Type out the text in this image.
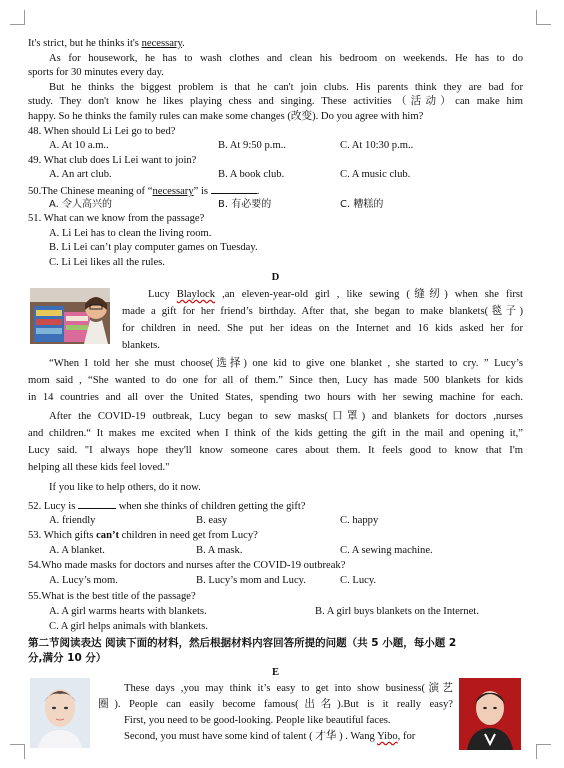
It's strict, but he thinks it's necessary.
As for housework, he has to wash clothes and clean his bedroom on weekends. He has to do
sports for 30 minutes every day.
But he thinks the biggest problem is that he can't join clubs. His parents think they are bad for
study. They don't know he likes playing chess and singing. These activities（活动）can make him
happy. So he thinks the family rules can make some changes (改变). Do you agree with him?
48. When should Li Lei go to bed?
A. At 10 a.m..	B. At 9:50 p.m..	C. At 10:30 p.m..
49. What club does Li Lei want to join?
A. An art club.	B. A book club.	C. A music club.
50.The Chinese meaning of “necessary” is	.
A. 令人高兴的	B. 有必要的	C. 糟糕的
51. What can we know from the passage?
A. Li Lei has to clean the living room.
B. Li Lei can’t play computer games on Tuesday.
C. Li Lei likes all the rules.
D
Lucy Blaylock ,an eleven-year-old girl , like sewing (缝纫) when she first
made a gift for her friend’s birthday. After that, she began to make blankets(毯子)
for children in need. She put her ideas on the Internet and 16 kids asked her for
blankets.
“When I told her she must choose(选择) one kid to give one blanket , she started to cry. ” Lucy’s
mom said , “She wanted to do one for all of them.” Since then, Lucy has made 500 blankets for kids
in 14 countries and all over the United States, spending two hours with her sewing machine for each.
After the COVID-19 outbreak, Lucy began to sew masks(口罩) and blankets for doctors ,nurses
and children.“ It makes me excited when I think of the kids getting the gift in the mail and opening it,”
Lucy said. "I always hope they'll know someone cares about them. It feels good to know that I'm
helping all these kids feel loved."
If you like to help others, do it now.
52. Lucy is	when she thinks of children getting the gift?
A. friendly	B. easy	C. happy
53. Which gifts can’t children in need get from Lucy?
A. A blanket.	B. A mask.	C. A sewing machine.
54.Who made masks for doctors and nurses after the COVID-19 outbreak?
A. Lucy’s mom.	B. Lucy’s mom and Lucy.	C. Lucy.
55.What is the best title of the passage?
A. A girl warms hearts with blankets.	B. A girl buys blankets on the Internet.
C. A girl helps animals with blankets.
第二节阅读表达 阅读下面的材料，然后根据材料内容回答所提的问题（共 5 小题，每小题 2
分,满分 10 分）
E
These days ,you may think it’s easy to get into show business(演艺
圈). People can easily become famous(出名).But is it really easy?
First, you need to be good-looking. People like beautiful faces.
Second, you must have some kind of talent ( 才华 ) . Wang Yibo, for
